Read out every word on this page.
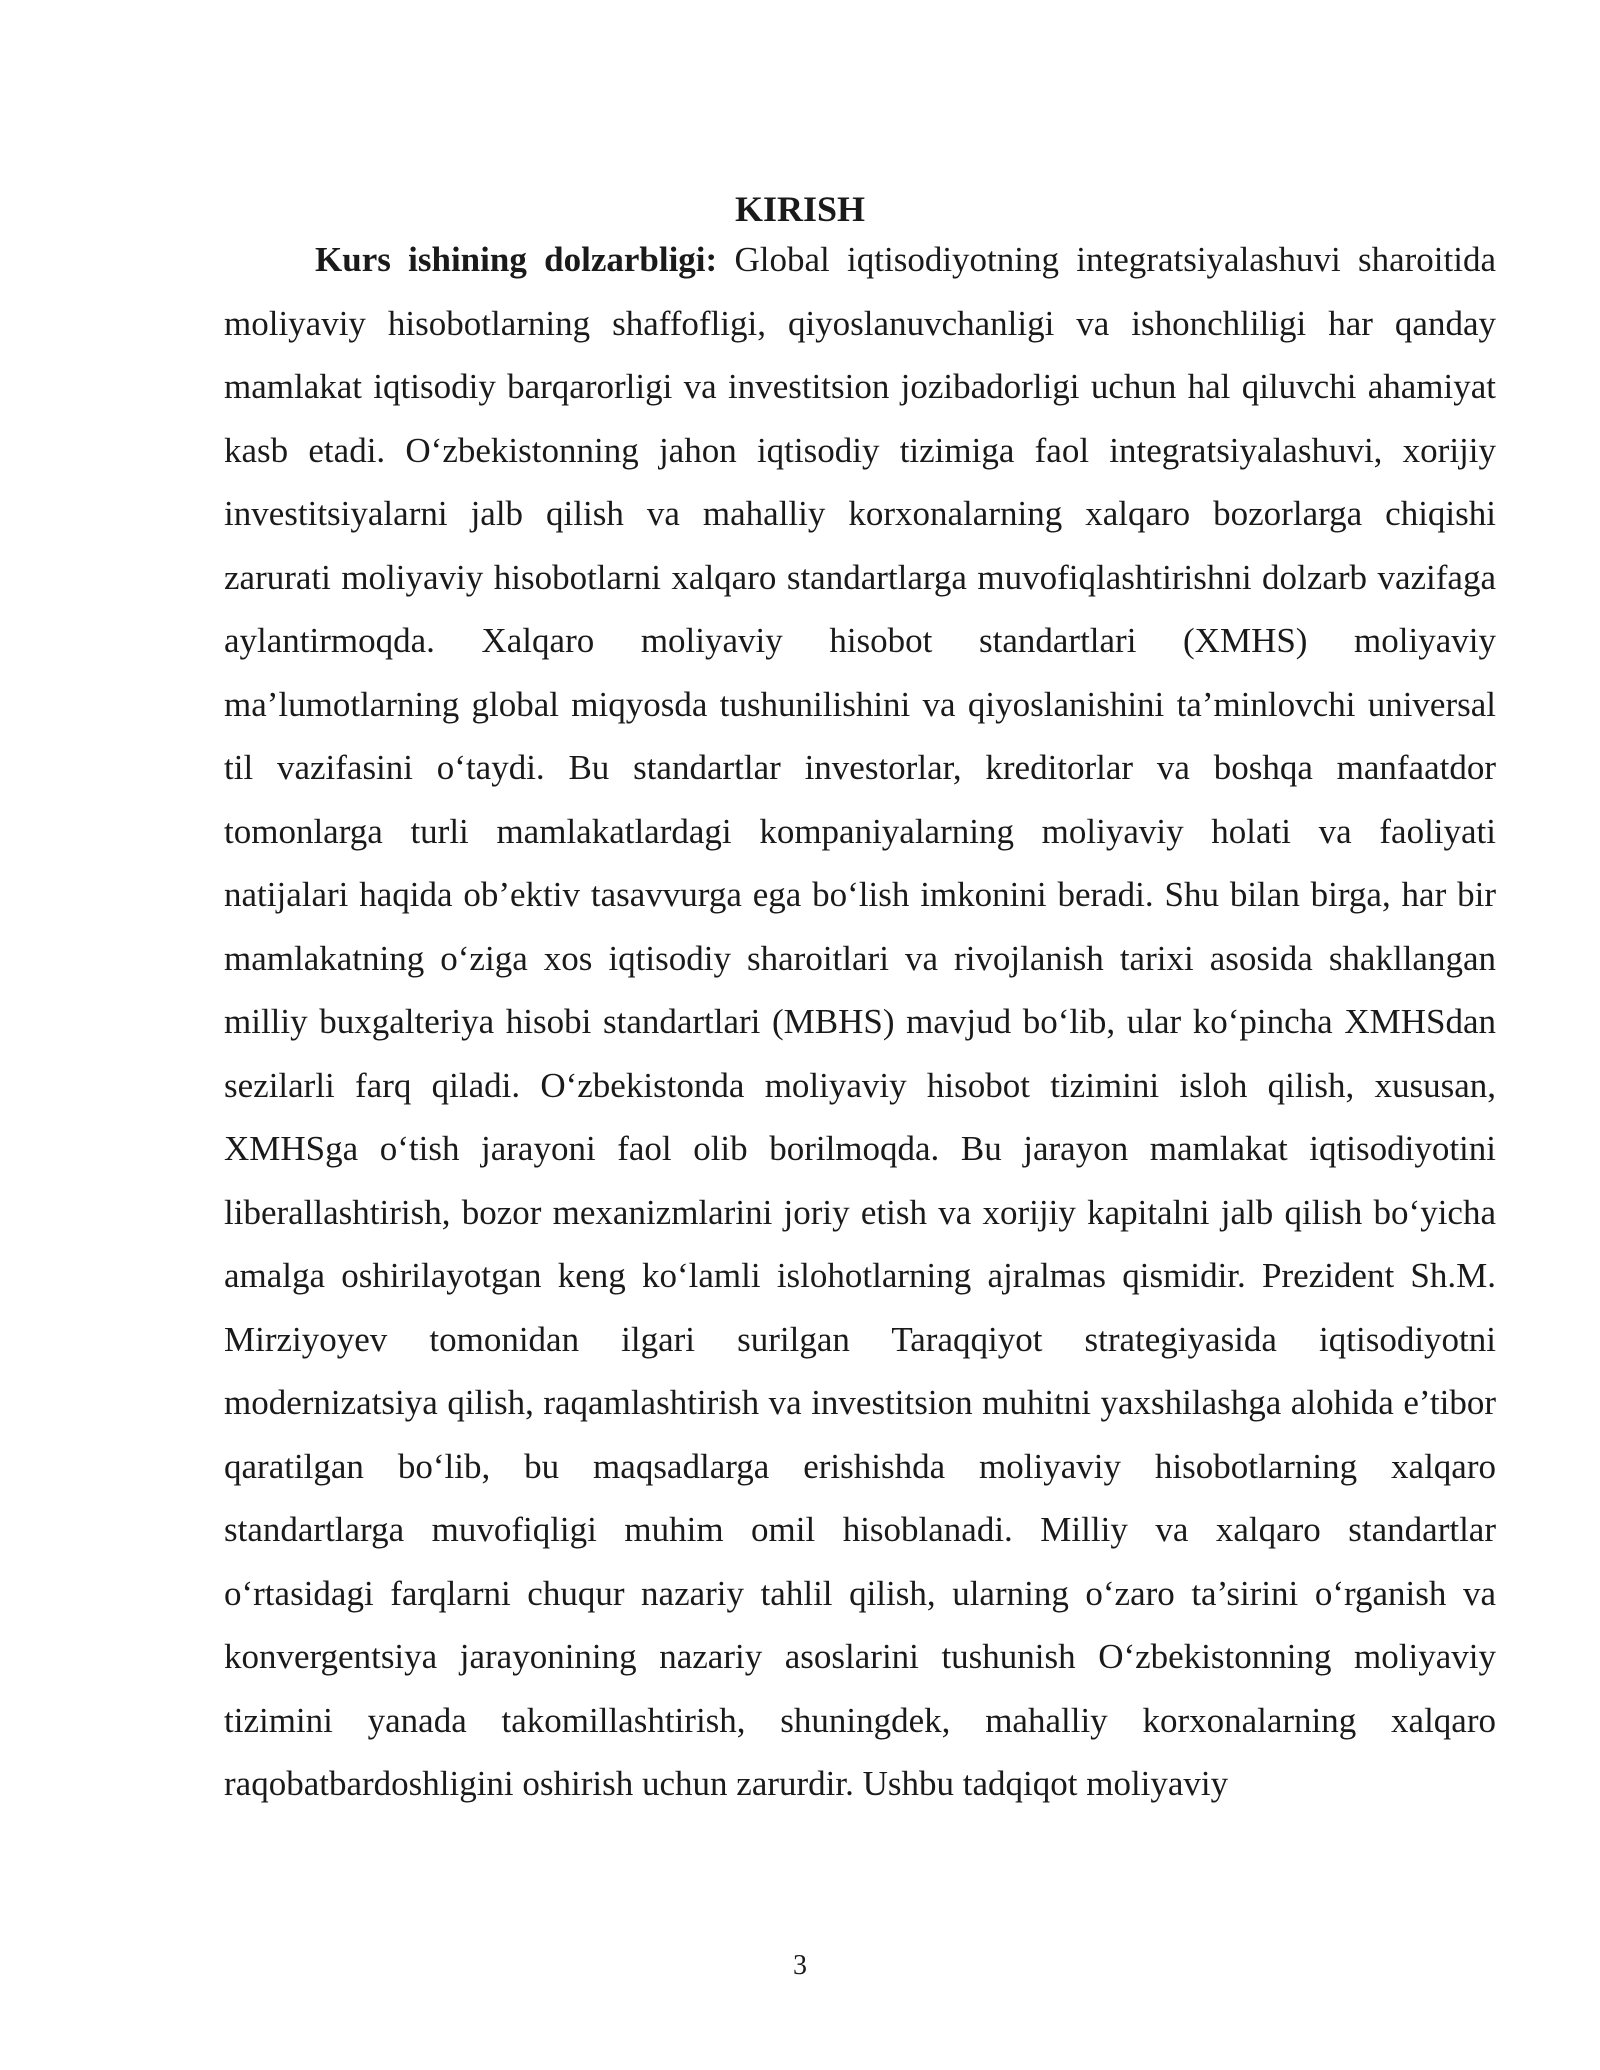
KIRISH

Kurs ishining dolzarbligi: Global iqtisodiyotning integratsiyalashuvi sharoitida moliyaviy hisobotlarning shaffofligi, qiyoslanuvchanligi va ishonchliligi har qanday mamlakat iqtisodiy barqarorligi va investitsion jozibadorligi uchun hal qiluvchi ahamiyat kasb etadi. O‘zbekistonning jahon iqtisodiy tizimiga faol integratsiyalashuvi, xorijiy investitsiyalarni jalb qilish va mahalliy korxonalarning xalqaro bozorlarga chiqishi zarurati moliyaviy hisobotlarni xalqaro standartlarga muvofiqlashtirishni dolzarb vazifaga aylantirmoqda. Xalqaro moliyaviy hisobot standartlari (XMHS) moliyaviy ma’lumotlarning global miqyosda tushunilishini va qiyoslanishini ta’minlovchi universal til vazifasini o‘taydi. Bu standartlar investorlar, kreditorlar va boshqa manfaatdor tomonlarga turli mamlakatlardagi kompaniyalarning moliyaviy holati va faoliyati natijalari haqida ob’ektiv tasavvurga ega bo‘lish imkonini beradi. Shu bilan birga, har bir mamlakatning o‘ziga xos iqtisodiy sharoitlari va rivojlanish tarixi asosida shakllangan milliy buxgalteriya hisobi standartlari (MBHS) mavjud bo‘lib, ular ko‘pincha XMHSdan sezilarli farq qiladi. O‘zbekistonda moliyaviy hisobot tizimini isloh qilish, xususan, XMHSga o‘tish jarayoni faol olib borilmoqda. Bu jarayon mamlakat iqtisodiyotini liberallashtirish, bozor mexanizmlarini joriy etish va xorijiy kapitalni jalb qilish bo‘yicha amalga oshirilayotgan keng ko‘lamli islohotlarning ajralmas qismidir. Prezident Sh.M. Mirziyoyev tomonidan ilgari surilgan Taraqqiyot strategiyasida iqtisodiyotni modernizatsiya qilish, raqamlashtirish va investitsion muhitni yaxshilashga alohida e’tibor qaratilgan bo‘lib, bu maqsadlarga erishishda moliyaviy hisobotlarning xalqaro standartlarga muvofiqligi muhim omil hisoblanadi. Milliy va xalqaro standartlar o‘rtasidagi farqlarni chuqur nazariy tahlil qilish, ularning o‘zaro ta’sirini o‘rganish va konvergentsiya jarayonining nazariy asoslarini tushunish O‘zbekistonning moliyaviy tizimini yanada takomillashtirish, shuningdek, mahalliy korxonalarning xalqaro raqobatbardoshligini oshirish uchun zarurdir. Ushbu tadqiqot moliyaviy

3
